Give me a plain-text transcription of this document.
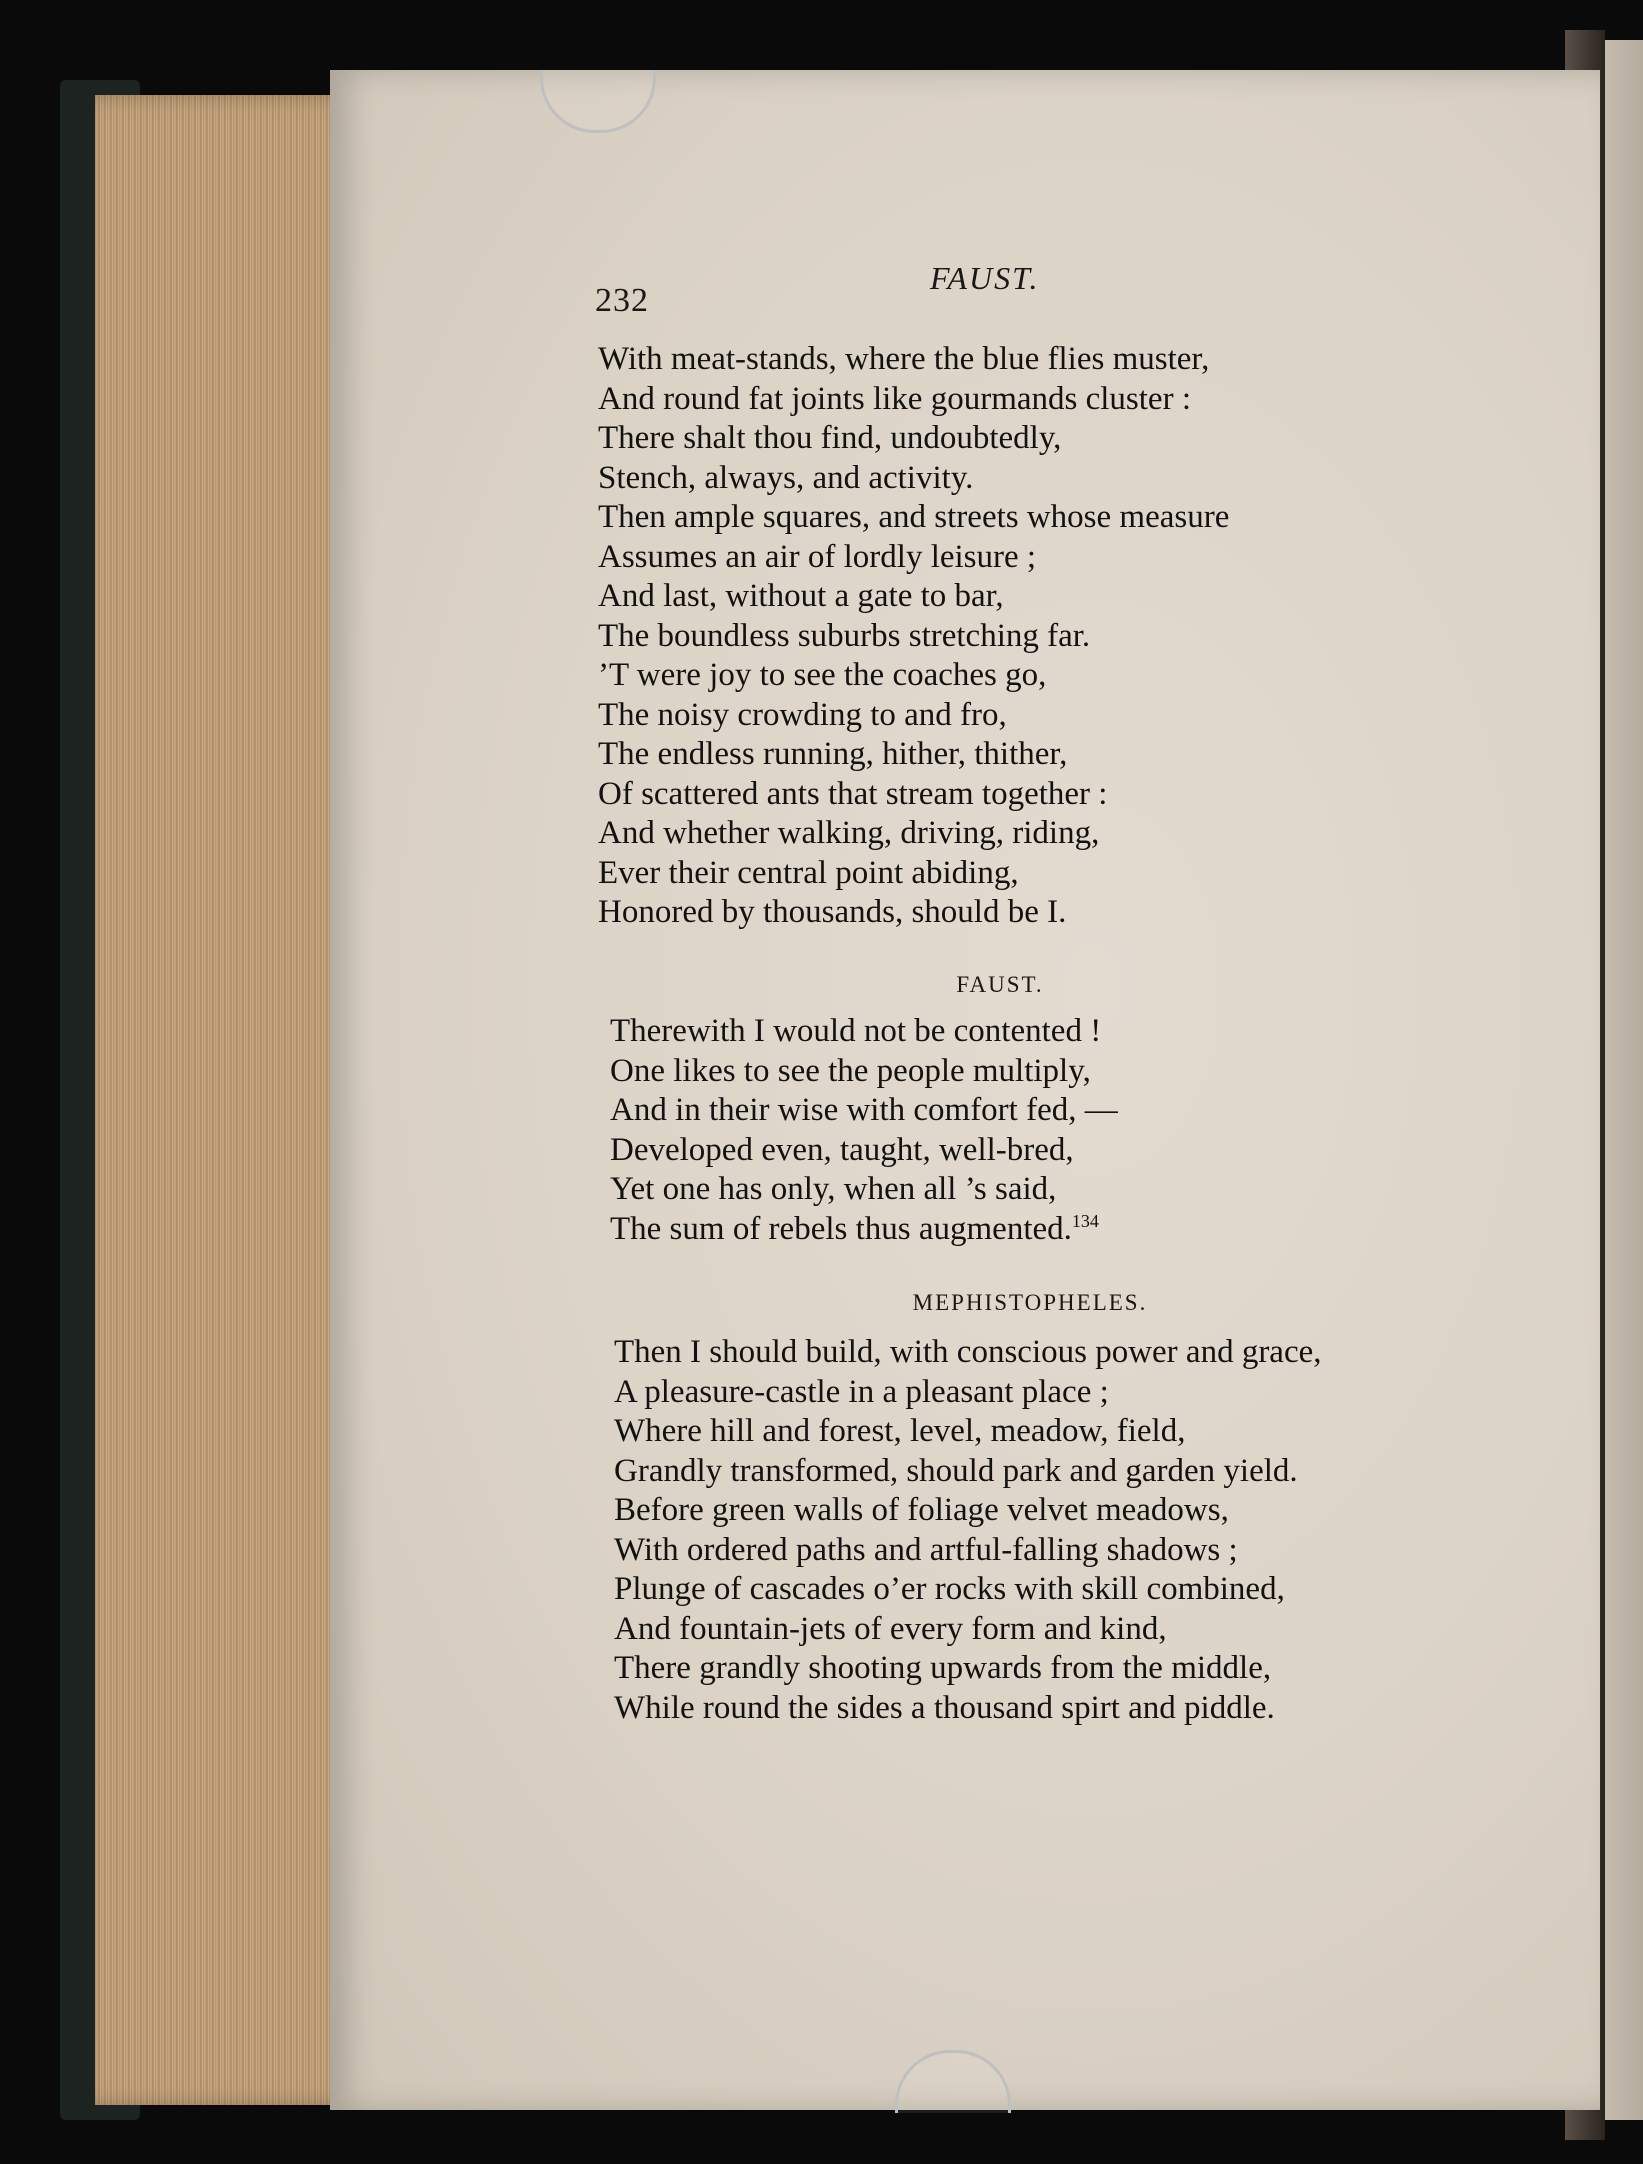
232
FAUST.
With meat-stands, where the blue flies muster,
And round fat joints like gourmands cluster :
There shalt thou find, undoubtedly,
Stench, always, and activity.
Then ample squares, and streets whose measure
Assumes an air of lordly leisure ;
And last, without a gate to bar,
The boundless suburbs stretching far.
’T were joy to see the coaches go,
The noisy crowding to and fro,
The endless running, hither, thither,
Of scattered ants that stream together :
And whether walking, driving, riding,
Ever their central point abiding,
Honored by thousands, should be I.
FAUST.
Therewith I would not be contented !
One likes to see the people multiply,
And in their wise with comfort fed, —
Developed even, taught, well-bred,
Yet one has only, when all ’s said,
The sum of rebels thus augmented.$^{134}$
MEPHISTOPHELES.
Then I should build, with conscious power and grace,
A pleasure-castle in a pleasant place ;
Where hill and forest, level, meadow, field,
Grandly transformed, should park and garden yield.
Before green walls of foliage velvet meadows,
With ordered paths and artful-falling shadows ;
Plunge of cascades o’er rocks with skill combined,
And fountain-jets of every form and kind,
There grandly shooting upwards from the middle,
While round the sides a thousand spirt and piddle.
